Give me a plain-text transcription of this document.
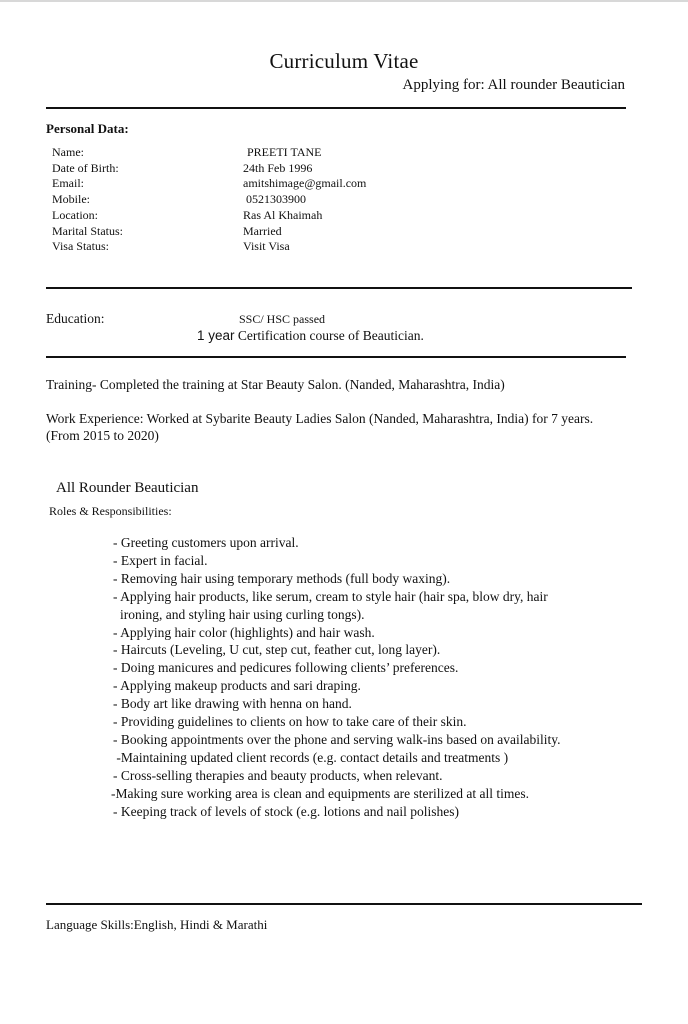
Curriculum Vitae
Applying for: All rounder Beautician
Personal Data:
Name:
Date of Birth:
Email:
Mobile:
Location:
Marital Status:
Visa Status:
PREETI TANE
24th Feb 1996
amitshimage@gmail.com
0521303900
Ras Al Khaimah
Married
Visit Visa
Education:	SSC/ HSC passed
1 year Certification course of Beautician.
Training- Completed the training at Star Beauty Salon. (Nanded, Maharashtra, India)
Work Experience: Worked at Sybarite Beauty Ladies Salon (Nanded, Maharashtra, India) for 7 years.
(From 2015 to 2020)
All Rounder Beautician
Roles & Responsibilities:
- Greeting customers upon arrival.
- Expert in facial.
- Removing hair using temporary methods (full body waxing).
- Applying hair products, like serum, cream to style hair (hair spa, blow dry, hair
ironing, and styling hair using curling tongs).
- Applying hair color (highlights) and hair wash.
- Haircuts (Leveling, U cut, step cut, feather cut, long layer).
- Doing manicures and pedicures following clients’ preferences.
- Applying makeup products and sari draping.
- Body art like drawing with henna on hand.
- Providing guidelines to clients on how to take care of their skin.
- Booking appointments over the phone and serving walk-ins based on availability.
-Maintaining updated client records (e.g. contact details and treatments )
- Cross-selling therapies and beauty products, when relevant.
-Making sure working area is clean and equipments are sterilized at all times.
- Keeping track of levels of stock (e.g. lotions and nail polishes)
Language Skills:English, Hindi & Marathi
